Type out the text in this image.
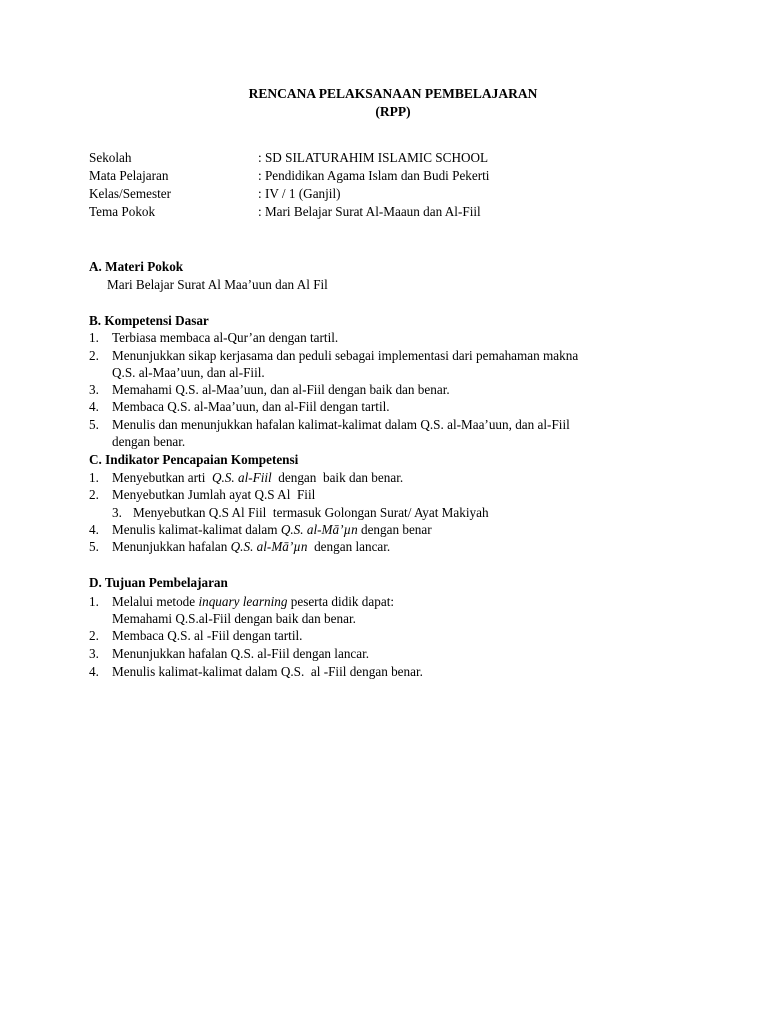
RENCANA PELAKSANAAN PEMBELAJARAN
(RPP)
Sekolah	: SD SILATURAHIM ISLAMIC SCHOOL
Mata Pelajaran	: Pendidikan Agama Islam dan Budi Pekerti
Kelas/Semester	: IV / 1 (Ganjil)
Tema Pokok	: Mari Belajar Surat Al-Maaun dan Al-Fiil
A. Materi Pokok
Mari Belajar Surat Al Maa’uun dan Al Fil
B. Kompetensi Dasar
1. Terbiasa membaca al-Qur’an dengan tartil.
2. Menunjukkan sikap kerjasama dan peduli sebagai implementasi dari pemahaman makna
Q.S. al-Maa’uun, dan al-Fiil.
3. Memahami Q.S. al-Maa’uun, dan al-Fiil dengan baik dan benar.
4. Membaca Q.S. al-Maa’uun, dan al-Fiil dengan tartil.
5. Menulis dan menunjukkan hafalan kalimat-kalimat dalam Q.S. al-Maa’uun, dan al-Fiil
dengan benar.
C. Indikator Pencapaian Kompetensi
1. Menyebutkan arti  Q.S. al-Fiil  dengan  baik dan benar.
2. Menyebutkan Jumlah ayat Q.S Al  Fiil
3. Menyebutkan Q.S Al Fiil  termasuk Golongan Surat/ Ayat Makiyah
4. Menulis kalimat-kalimat dalam Q.S. al-Mā’µn dengan benar
5. Menunjukkan hafalan Q.S. al-Mā’µn  dengan lancar.
D. Tujuan Pembelajaran
1. Melalui metode inquary learning peserta didik dapat:
Memahami Q.S.al-Fiil dengan baik dan benar.
2. Membaca Q.S. al -Fiil dengan tartil.
3. Menunjukkan hafalan Q.S. al-Fiil dengan lancar.
4. Menulis kalimat-kalimat dalam Q.S.  al -Fiil dengan benar.
